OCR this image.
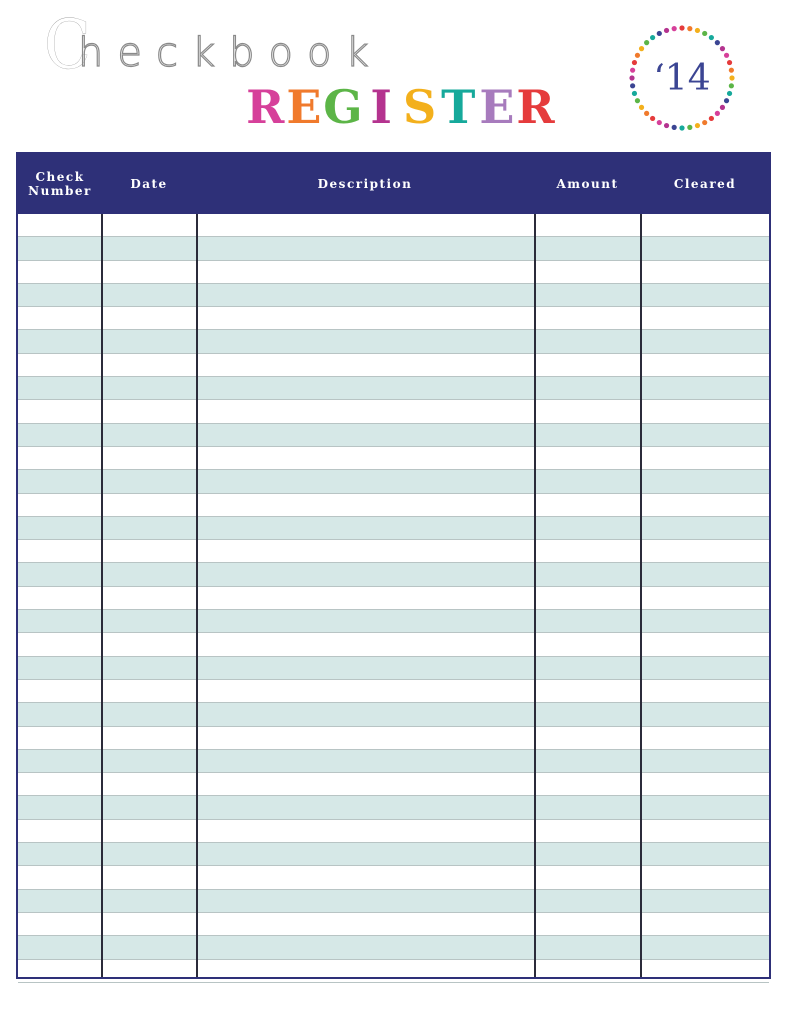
Checkbook
R E G I S T E R
‘14
Check
Number	Date	Description	Amount	Cleared
